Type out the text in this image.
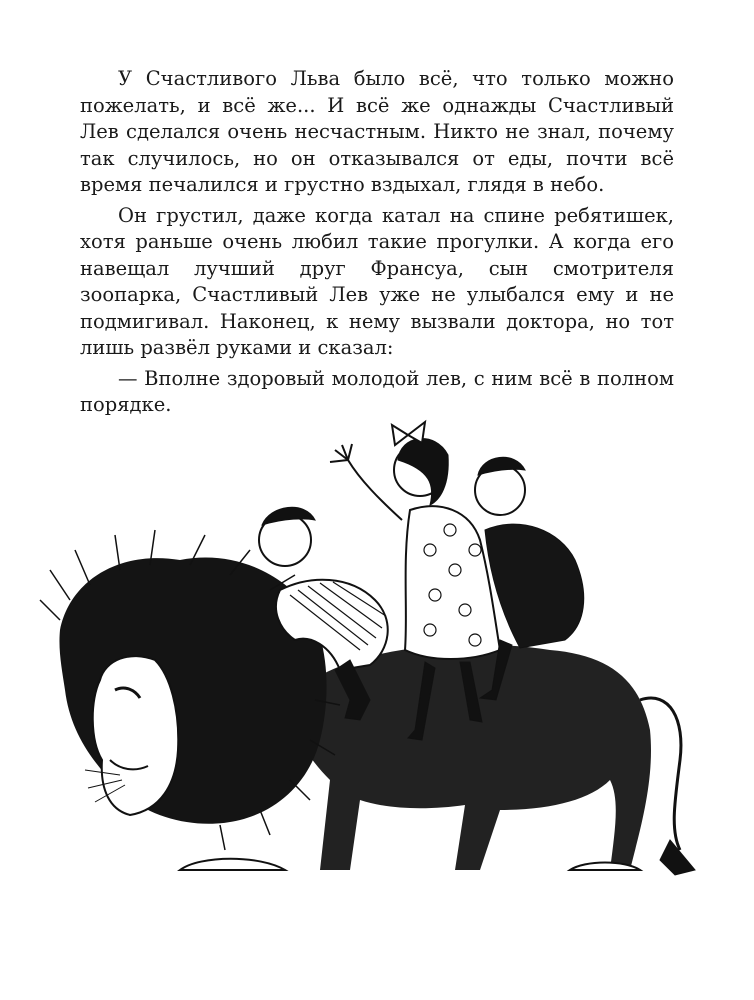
У Счастливого Льва было всё, что только можно пожелать, и всё же... И всё же однажды Счастливый Лев сделался очень несчастным. Никто не знал, почему так случилось, но он отказывался от еды, почти всё время печалился и грустно вздыхал, глядя в небо.

Он грустил, даже когда катал на спине ребятишек, хотя раньше очень любил такие прогулки. А когда его навещал лучший друг Франсуа, сын смотрителя зоопарка, Счастливый Лев уже не улыбался ему и не подмигивал. Наконец, к нему вызвали доктора, но тот лишь развёл руками и сказал:

— Вполне здоровый молодой лев, с ним всё в полном порядке.
